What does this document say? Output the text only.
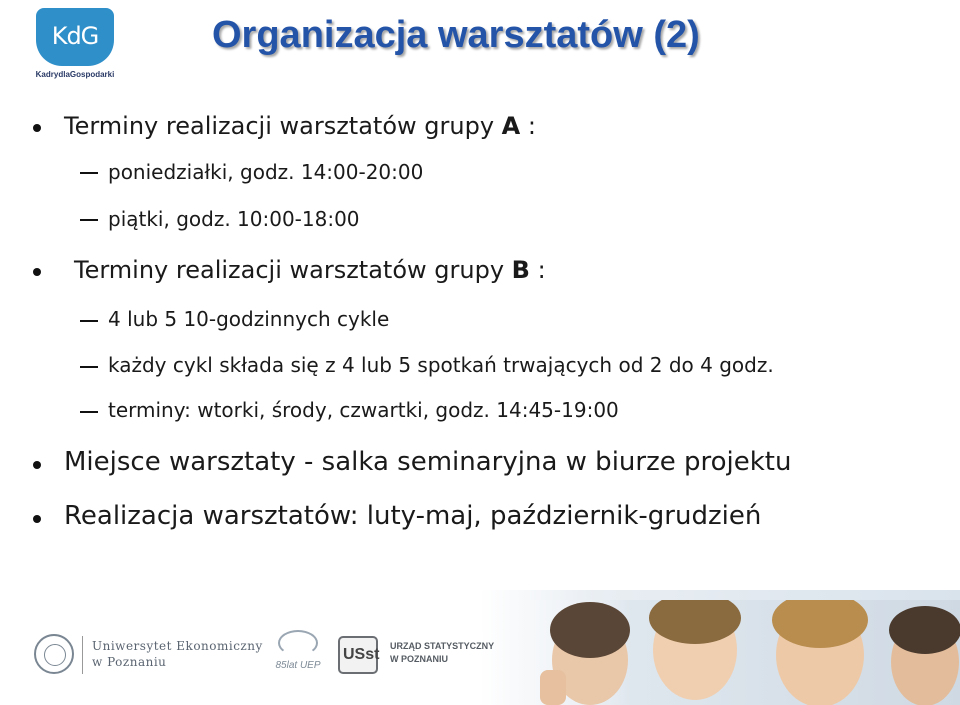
KdG
KadrydlaGospodarki
Organizacja warsztatów (2)
Terminy realizacji warsztatów grupy A :
poniedziałki, godz. 14:00-20:00
piątki, godz. 10:00-18:00
Terminy realizacji warsztatów grupy B :
4 lub 5 10-godzinnych cykle
każdy cykl składa się z 4 lub 5 spotkań trwających od 2 do 4 godz.
terminy: wtorki, środy, czwartki, godz. 14:45-19:00
Miejsce warsztaty - salka seminaryjna w biurze projektu
Realizacja warsztatów: luty-maj, październik-grudzień
Uniwersytet Ekonomiczny
w Poznaniu	85lat UEP
USst URZĄD STATYSTYCZNY
W POZNANIU
